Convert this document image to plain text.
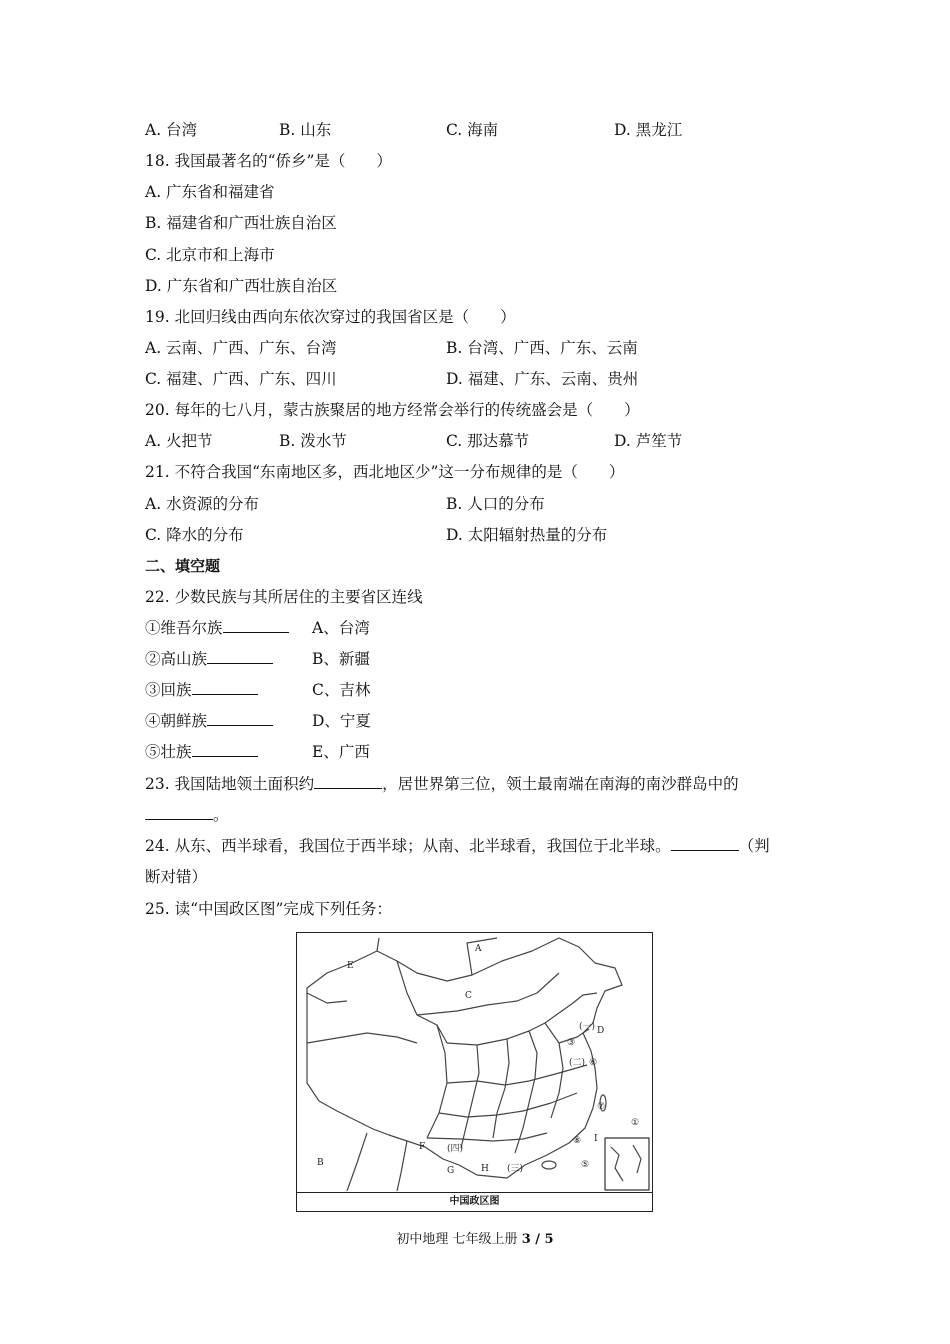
A. 台湾	B. 山东	C. 海南	D. 黑龙江
18. 我国最著名的“侨乡”是（　　）
A. 广东省和福建省
B. 福建省和广西壮族自治区
C. 北京市和上海市
D. 广东省和广西壮族自治区
19. 北回归线由西向东依次穿过的我国省区是（　　）
A. 云南、广西、广东、台湾	B. 台湾、广西、广东、云南
C. 福建、广西、广东、四川	D. 福建、广东、云南、贵州
20. 每年的七八月，蒙古族聚居的地方经常会举行的传统盛会是（　　）
A. 火把节	B. 泼水节	C. 那达慕节	D. 芦笙节
21. 不符合我国“东南地区多，西北地区少”这一分布规律的是（　　）
A. 水资源的分布	B. 人口的分布
C. 降水的分布	D. 太阳辐射热量的分布
二、填空题
22. 少数民族与其所居住的主要省区连线
①维吾尔族	A、台湾
②高山族	B、新疆
③回族	C、吉林
④朝鲜族	D、宁夏
⑤壮族	E、广西
23. 我国陆地领土面积约	，居世界第三位，领土最南端在南海的南沙群岛中的
。
24. 从东、西半球看，我国位于西半球；从南、北半球看，我国位于北半球。	（判
断对错）
25. 读“中国政区图”完成下列任务：
A
B
C
D
E
F
G	H
I
①
③
⑤
⑥
⑦
⑧
(一)
(二)
(三)
(四)
中国政区图
初中地理 七年级上册 3 / 5
